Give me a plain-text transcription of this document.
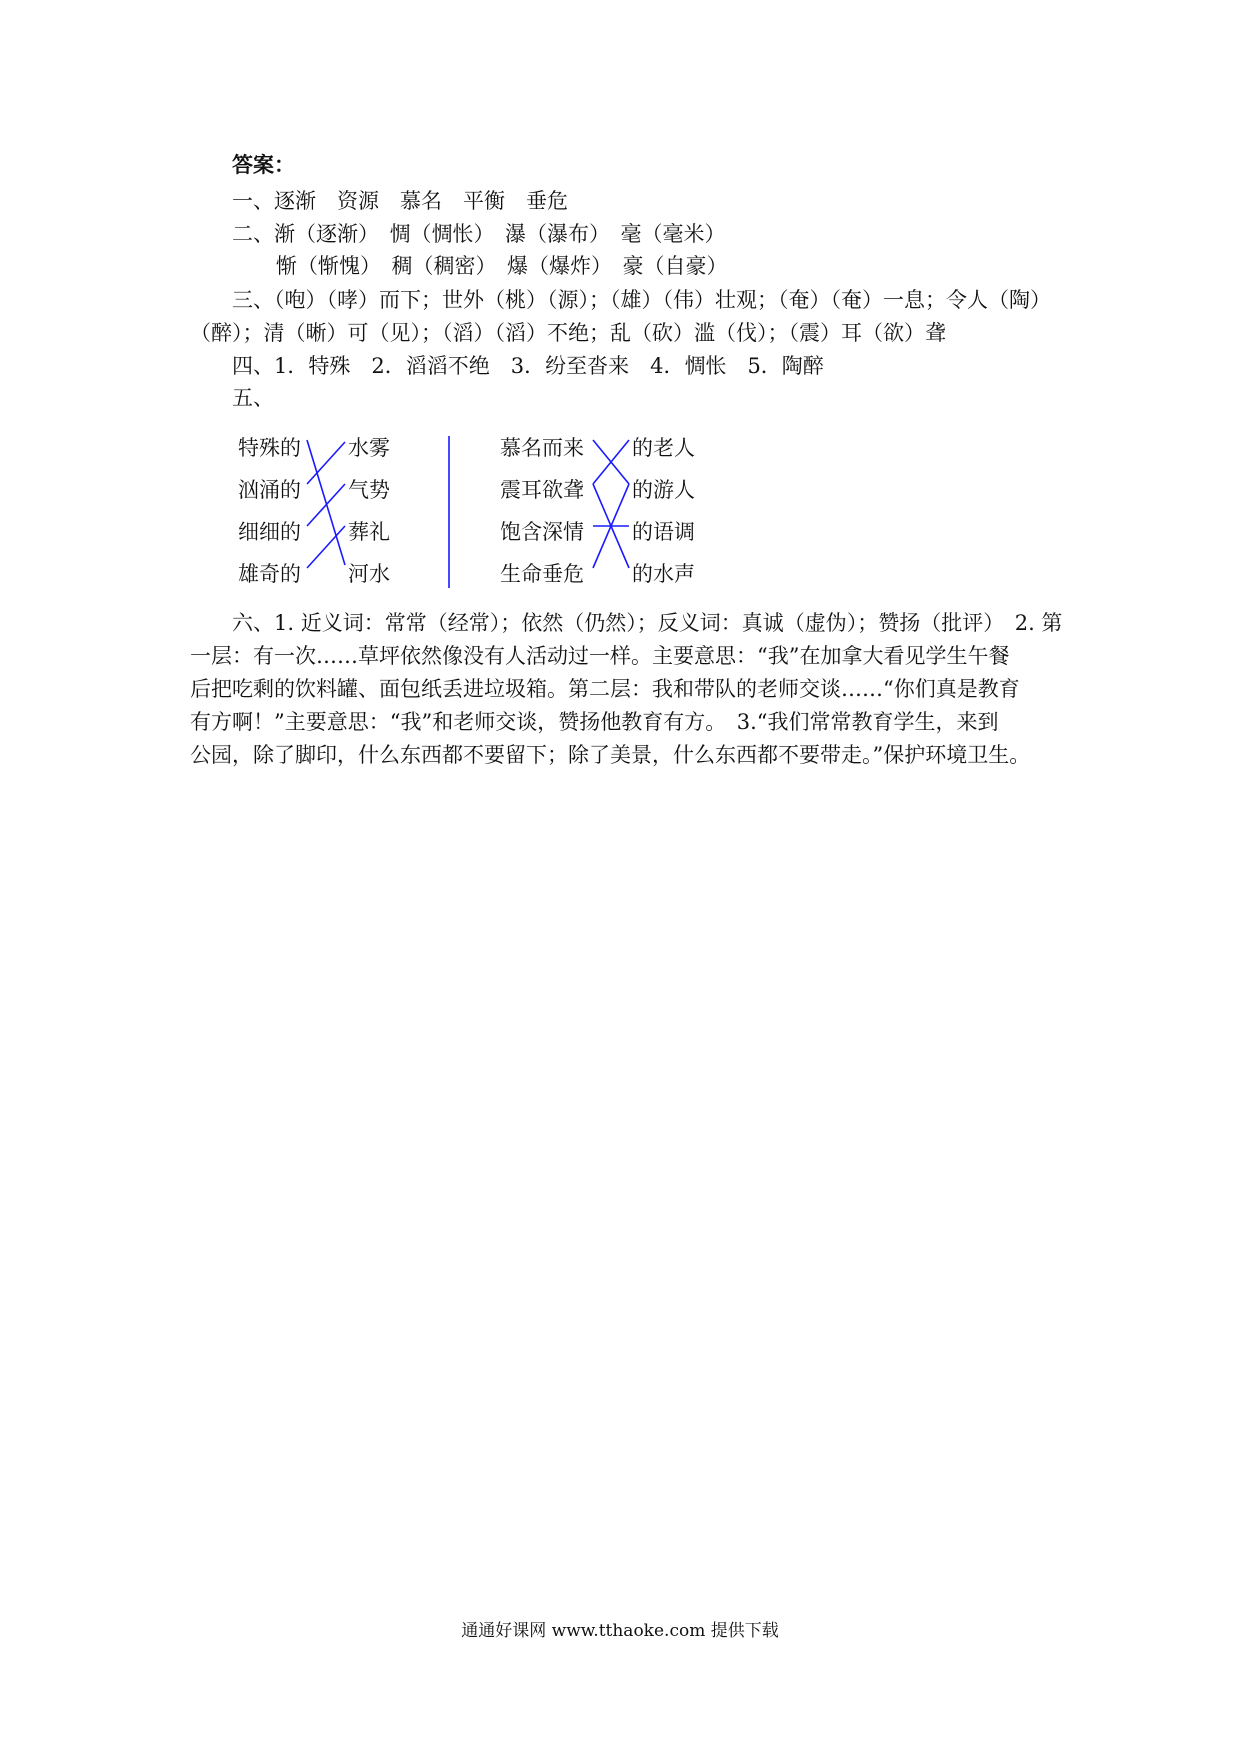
答案：
一、逐渐　资源　慕名　平衡　垂危
二、渐（逐渐）　惆（惆怅）　瀑（瀑布）　毫（毫米）
惭（惭愧）　稠（稠密）　爆（爆炸）　豪（自豪）
三、（咆）（哮）而下；世外（桃）（源）；（雄）（伟）壮观；（奄）（奄）一息；令人（陶）
（醉）；清（晰）可（见）；（滔）（滔）不绝；乱（砍）滥（伐）；（震）耳（欲）聋
四、1．特殊　2．滔滔不绝　3．纷至沓来　4．惆怅　5．陶醉
五、
特殊的
汹涌的
细细的
雄奇的
水雾
气势
葬礼
河水
慕名而来
震耳欲聋
饱含深情
生命垂危
的老人
的游人
的语调
的水声
六、1. 近义词：常常（经常）；依然（仍然）；反义词：真诚（虚伪）；赞扬（批评）　2. 第
一层：有一次……草坪依然像没有人活动过一样。主要意思：“我”在加拿大看见学生午餐
后把吃剩的饮料罐、面包纸丢进垃圾箱。第二层：我和带队的老师交谈……“你们真是教育
有方啊！”主要意思：“我”和老师交谈，赞扬他教育有方。　3.“我们常常教育学生，来到
公园，除了脚印，什么东西都不要留下；除了美景，什么东西都不要带走。”保护环境卫生。
通通好课网 www.tthaoke.com 提供下载
